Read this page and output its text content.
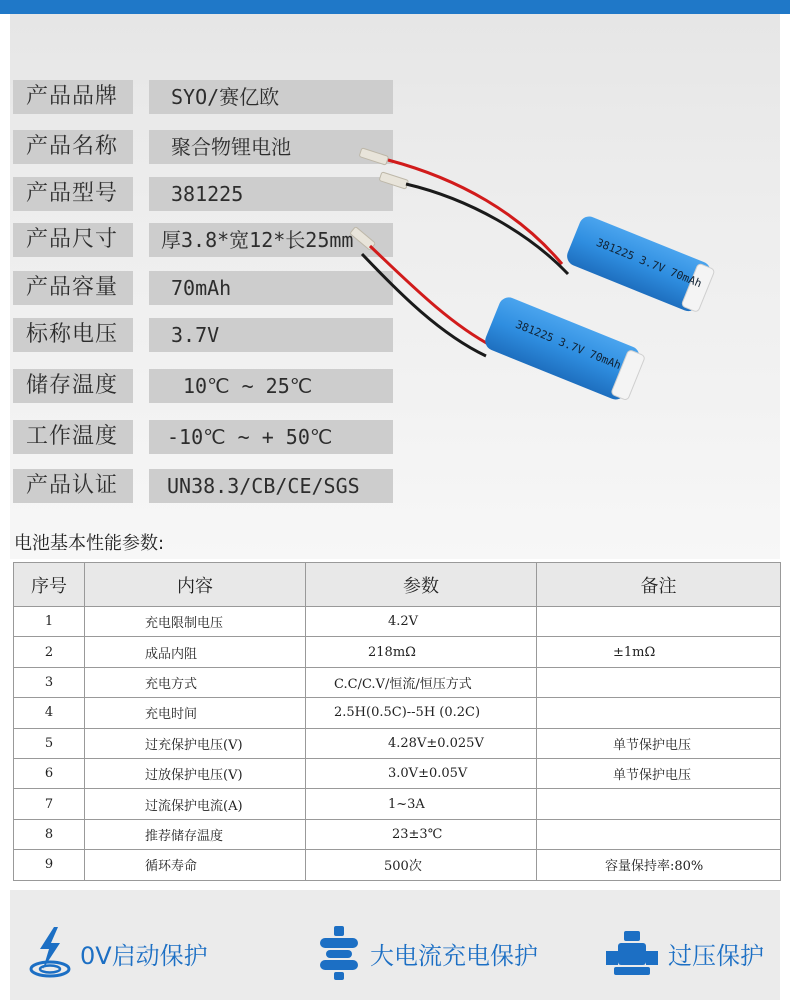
产品品牌	SYO/赛亿欧
产品名称	聚合物锂电池
产品型号	381225
产品尺寸	厚3.8*宽12*长25mm
产品容量	70mAh
标称电压	3.7V
储存温度	10℃ ~ 25℃
工作温度	-10℃ ~ + 50℃
产品认证	UN38.3/CB/CE/SGS
381225 3.7V 70mAh
381225 3.7V 70mAh
电池基本性能参数:
序号	内容	参数	备注
1	充电限制电压	4.2V	
2	成品内阻	218mΩ	±1mΩ
3	充电方式	C.C/C.V/恒流/恒压方式	
4	充电时间	2.5H(0.5C)--5H (0.2C)	
5	过充保护电压(V)	4.28V±0.025V	单节保护电压
6	过放保护电压(V)	3.0V±0.05V	单节保护电压
7	过流保护电流(A)	1~3A	
8	推荐储存温度	23±3℃	
9	循环寿命	500次	容量保持率:80%
0V启动保护	大电流充电保护	过压保护
